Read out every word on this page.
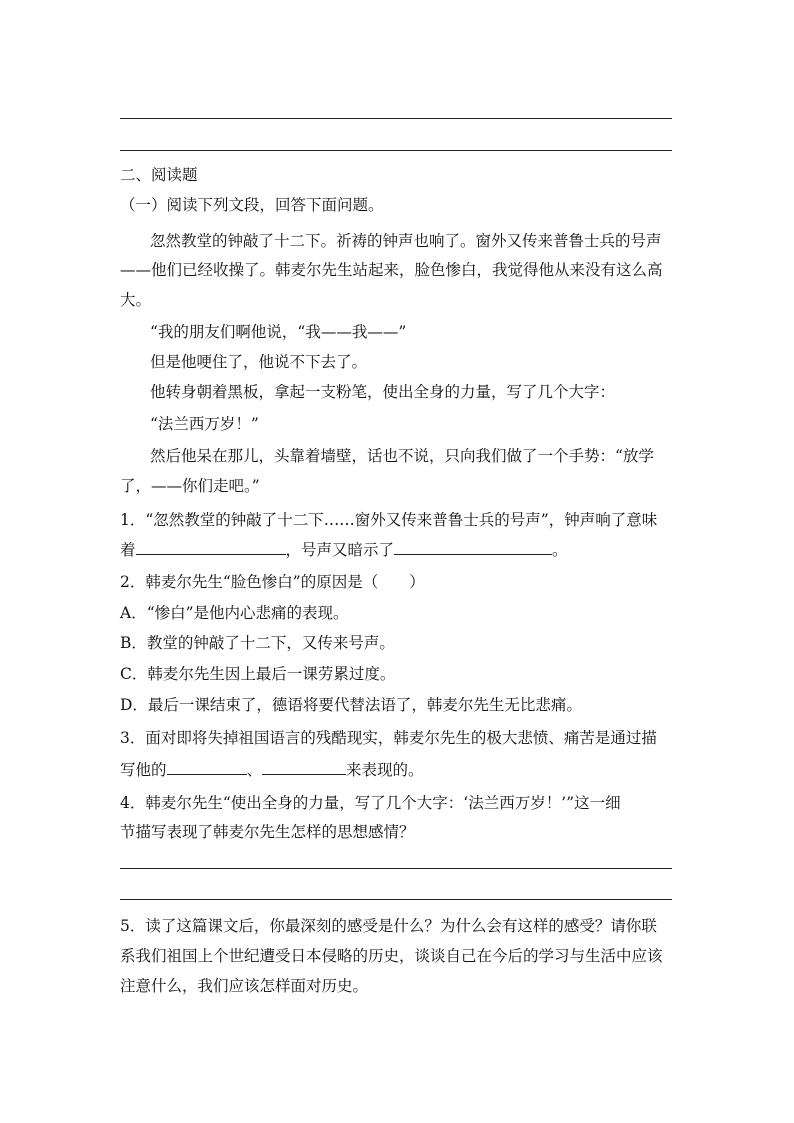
二、阅读题
（一）阅读下列文段，回答下面问题。
忽然教堂的钟敲了十二下。祈祷的钟声也响了。窗外又传来普鲁士兵的号声
——他们已经收操了。韩麦尔先生站起来，脸色惨白，我觉得他从来没有这么高
大。
“我的朋友们啊他说，“我——我——”
但是他哽住了，他说不下去了。
他转身朝着黑板，拿起一支粉笔，使出全身的力量，写了几个大字：
“法兰西万岁！”
然后他呆在那儿，头靠着墙壁，话也不说，只向我们做了一个手势：“放学
了，——你们走吧。”
1．“忽然教堂的钟敲了十二下……窗外又传来普鲁士兵的号声”，钟声响了意味
着	，号声又暗示了	。
2．韩麦尔先生“脸色惨白”的原因是（　　）
A．“惨白”是他内心悲痛的表现。
B．教堂的钟敲了十二下，又传来号声。
C．韩麦尔先生因上最后一课劳累过度。
D．最后一课结束了，德语将要代替法语了，韩麦尔先生无比悲痛。
3．面对即将失掉祖国语言的残酷现实，韩麦尔先生的极大悲愤、痛苦是通过描
写他的	、	来表现的。
4．韩麦尔先生“使出全身的力量，写了几个大字：‘法兰西万岁！’”这一细
节描写表现了韩麦尔先生怎样的思想感情？
5．读了这篇课文后，你最深刻的感受是什么？为什么会有这样的感受？请你联
系我们祖国上个世纪遭受日本侵略的历史，谈谈自己在今后的学习与生活中应该
注意什么，我们应该怎样面对历史。
